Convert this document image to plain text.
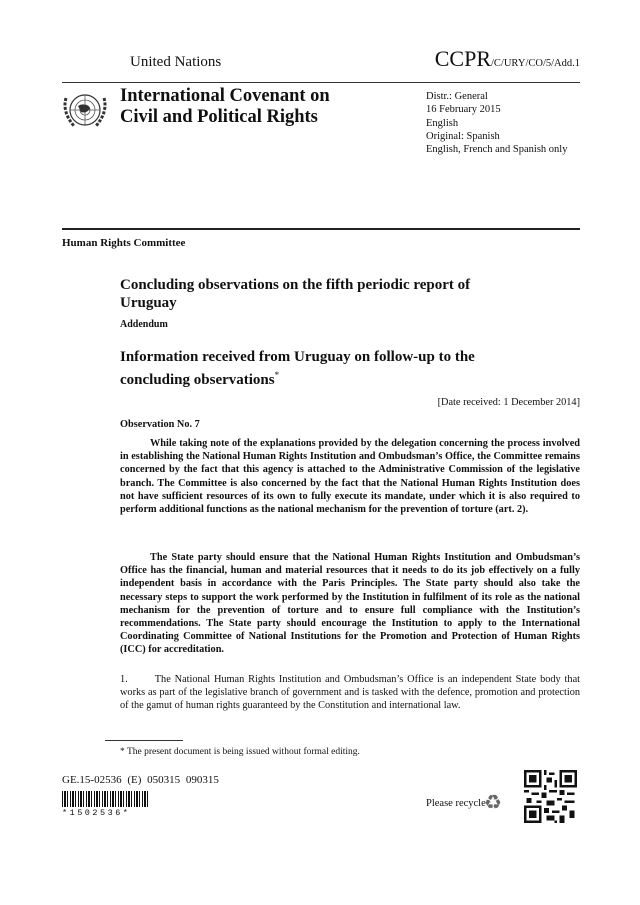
United Nations	CCPR/C/URY/CO/5/Add.1
International Covenant on
Civil and Political Rights
Distr.: General
16 February 2015
English
Original: Spanish
English, French and Spanish only
Human Rights Committee
Concluding observations on the fifth periodic report of Uruguay
Addendum
Information received from Uruguay on follow-up to the concluding observations*
[Date received: 1 December 2014]
Observation No. 7
While taking note of the explanations provided by the delegation concerning the process involved in establishing the National Human Rights Institution and Ombudsman’s Office, the Committee remains concerned by the fact that this agency is attached to the Administrative Commission of the legislative branch. The Committee is also concerned by the fact that the National Human Rights Institution does not have sufficient resources of its own to fully execute its mandate, under which it is also required to perform additional functions as the national mechanism for the prevention of torture (art. 2).
The State party should ensure that the National Human Rights Institution and Ombudsman’s Office has the financial, human and material resources that it needs to do its job effectively on a fully independent basis in accordance with the Paris Principles. The State party should also take the necessary steps to support the work performed by the Institution in fulfilment of its role as the national mechanism for the prevention of torture and to ensure full compliance with the Institution’s recommendations. The State party should encourage the Institution to apply to the International Coordinating Committee of National Institutions for the Promotion and Protection of Human Rights (ICC) for accreditation.
1.       The National Human Rights Institution and Ombudsman’s Office is an independent State body that works as part of the legislative branch of government and is tasked with the defence, promotion and protection of the gamut of human rights guaranteed by the Constitution and international law.
* The present document is being issued without formal editing.
GE.15-02536 (E) 050315 090315
*1502536*
Please recycle
♻
